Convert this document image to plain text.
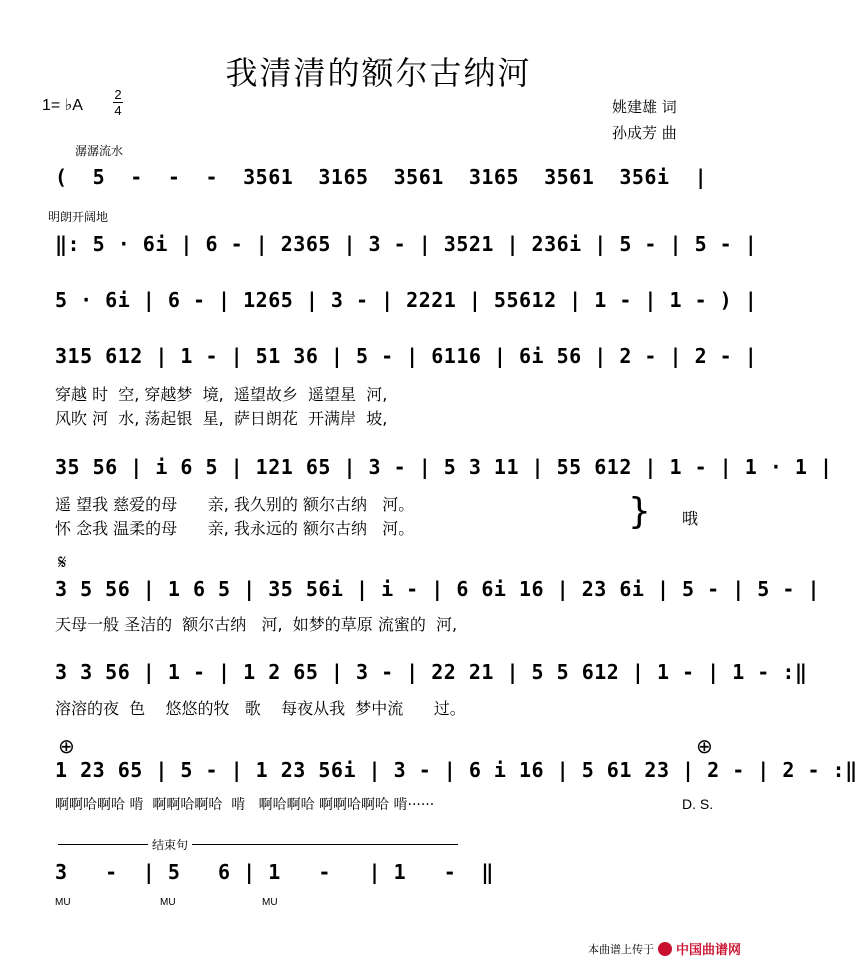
我清清的额尔古纳河
1= ♭A
2
4	姚建雄 词
孙成芳 曲
潺潺流水
(  5  -  -  -  3561  3165  3561  3165  3561  356i  |
明朗开阔地
‖: 5 · 6i | 6 - | 2365 | 3 - | 3521 | 236i | 5 - | 5 - |
5 · 6i | 6 - | 1265 | 3 - | 2221 | 55612 | 1 - | 1 - ) |
315 612 | 1 - | 51 36 | 5 - | 6116 | 6i 56 | 2 - | 2 - |
穿越 时  空, 穿越梦  境,  遥望故乡  遥望星  河,
风吹 河  水, 荡起银  星,  萨日朗花  开满岸  坡,
35 56 | i 6 5 | 121 65 | 3 - | 5 3 11 | 55 612 | 1 - | 1 · 1 |
遥 望我 慈爱的母      亲, 我久别的 额尔古纳   河。
怀 念我 温柔的母      亲, 我永远的 额尔古纳   河。	} 哦
𝄋
3 5 56 | 1 6 5 | 35 56i | i - | 6 6i 16 | 23 6i | 5 - | 5 - |
天母一般 圣洁的  额尔古纳   河,  如梦的草原 流蜜的  河,
3 3 56 | 1 - | 1 2 65 | 3 - | 22 21 | 5 5 612 | 1 - | 1 - :‖
溶溶的夜  色    悠悠的牧   歌    每夜从我  梦中流      过。
⊕	⊕
1 23 65 | 5 - | 1 23 56i | 3 - | 6 i 16 | 5 61 23 | 2 - | 2 - :‖
啊啊哈啊哈 啃  啊啊哈啊哈  啃   啊哈啊哈 啊啊哈啊哈 啃······	D. S.
结束句
3   -  | 5   6 | 1   -   | 1   -  ‖
MU	MU	MU
本曲谱上传于 中国曲谱网
